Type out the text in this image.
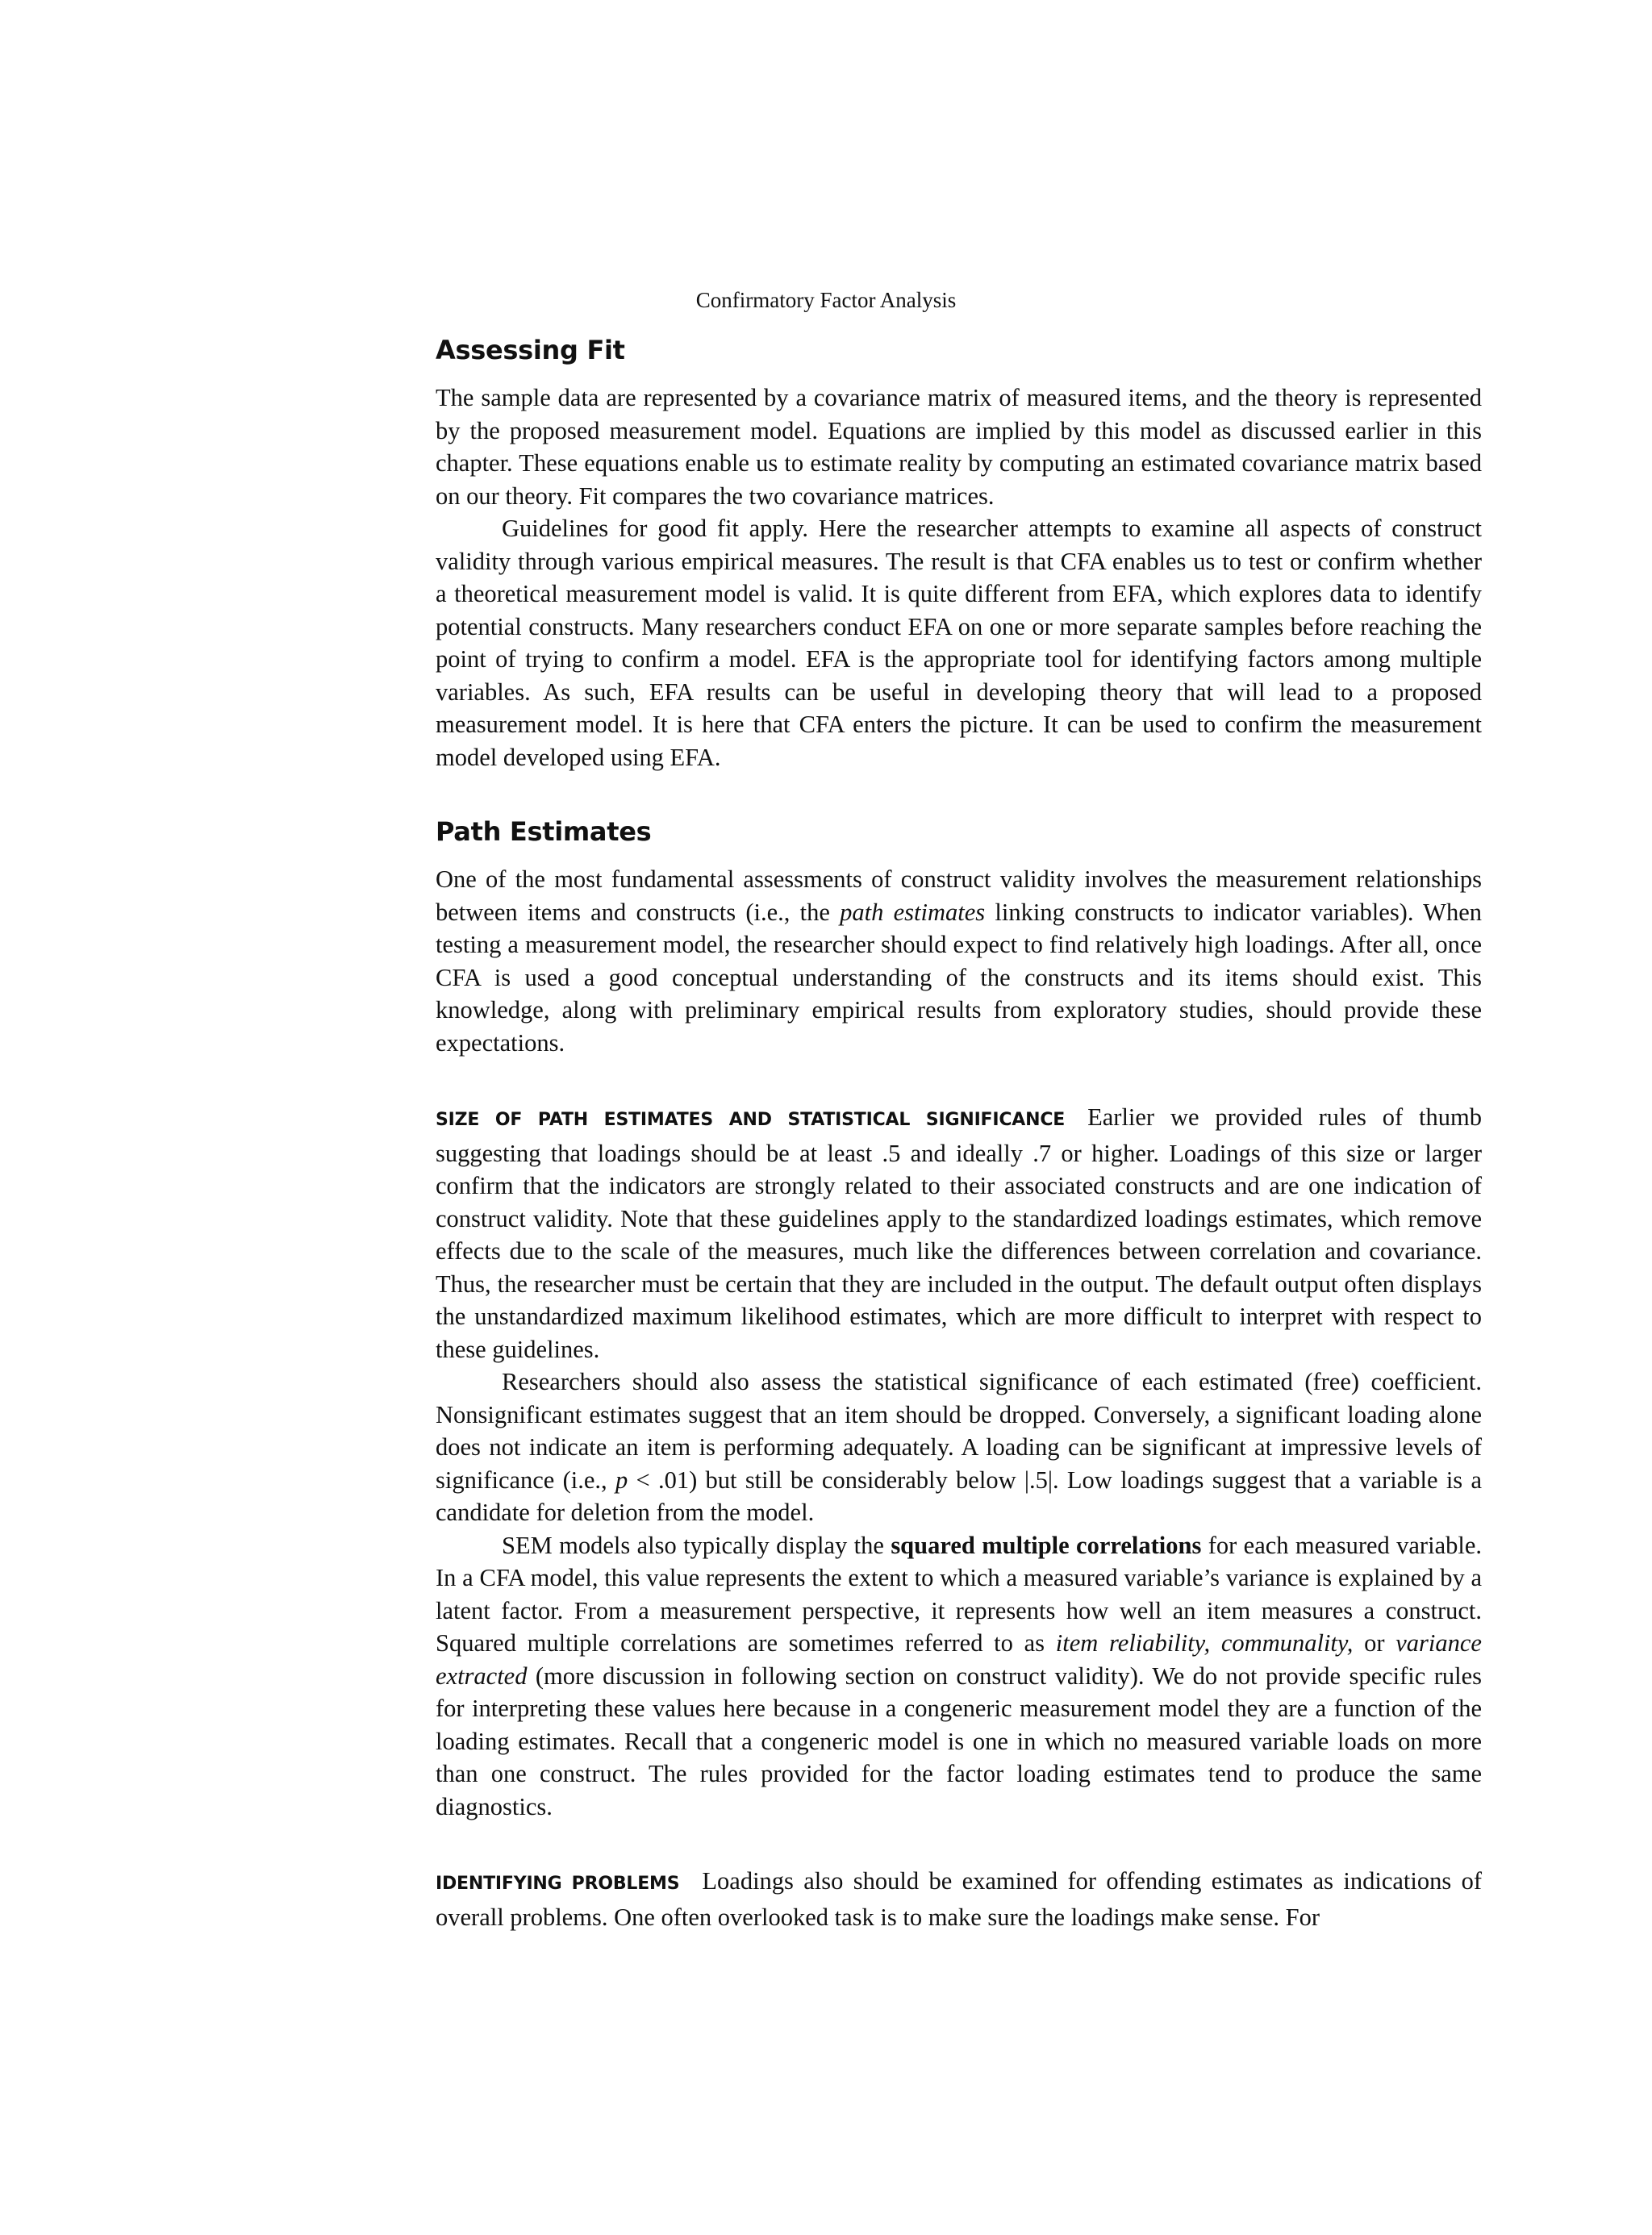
Confirmatory Factor Analysis
Assessing Fit

The sample data are represented by a covariance matrix of measured items, and the theory is represented by the proposed measurement model. Equations are implied by this model as discussed earlier in this chapter. These equations enable us to estimate reality by computing an estimated covariance matrix based on our theory. Fit compares the two covariance matrices.

Guidelines for good fit apply. Here the researcher attempts to examine all aspects of construct validity through various empirical measures. The result is that CFA enables us to test or confirm whether a theoretical measurement model is valid. It is quite different from EFA, which explores data to identify potential constructs. Many researchers conduct EFA on one or more separate samples before reaching the point of trying to confirm a model. EFA is the appropriate tool for identifying factors among multiple variables. As such, EFA results can be useful in developing theory that will lead to a proposed measurement model. It is here that CFA enters the picture. It can be used to confirm the measurement model developed using EFA.

Path Estimates

One of the most fundamental assessments of construct validity involves the measurement relationships between items and constructs (i.e., the path estimates linking constructs to indicator variables). When testing a measurement model, the researcher should expect to find relatively high loadings. After all, once CFA is used a good conceptual understanding of the constructs and its items should exist. This knowledge, along with preliminary empirical results from exploratory studies, should provide these expectations.

SIZE OF PATH ESTIMATES AND STATISTICAL SIGNIFICANCE Earlier we provided rules of thumb suggesting that loadings should be at least .5 and ideally .7 or higher. Loadings of this size or larger confirm that the indicators are strongly related to their associated constructs and are one indication of construct validity. Note that these guidelines apply to the standardized loadings estimates, which remove effects due to the scale of the measures, much like the differences between correlation and covariance. Thus, the researcher must be certain that they are included in the output. The default output often displays the unstandardized maximum likelihood estimates, which are more difficult to interpret with respect to these guidelines.

Researchers should also assess the statistical significance of each estimated (free) coefficient. Nonsignificant estimates suggest that an item should be dropped. Conversely, a significant loading alone does not indicate an item is performing adequately. A loading can be significant at impressive levels of significance (i.e., p < .01) but still be considerably below |.5|. Low loadings suggest that a variable is a candidate for deletion from the model.

SEM models also typically display the squared multiple correlations for each measured variable. In a CFA model, this value represents the extent to which a measured variable’s variance is explained by a latent factor. From a measurement perspective, it represents how well an item measures a construct. Squared multiple correlations are sometimes referred to as item reliability, communality, or variance extracted (more discussion in following section on construct validity). We do not provide specific rules for interpreting these values here because in a congeneric measurement model they are a function of the loading estimates. Recall that a congeneric model is one in which no measured variable loads on more than one construct. The rules provided for the factor loading estimates tend to produce the same diagnostics.

IDENTIFYING PROBLEMS Loadings also should be examined for offending estimates as indications of overall problems. One often overlooked task is to make sure the loadings make sense. For
